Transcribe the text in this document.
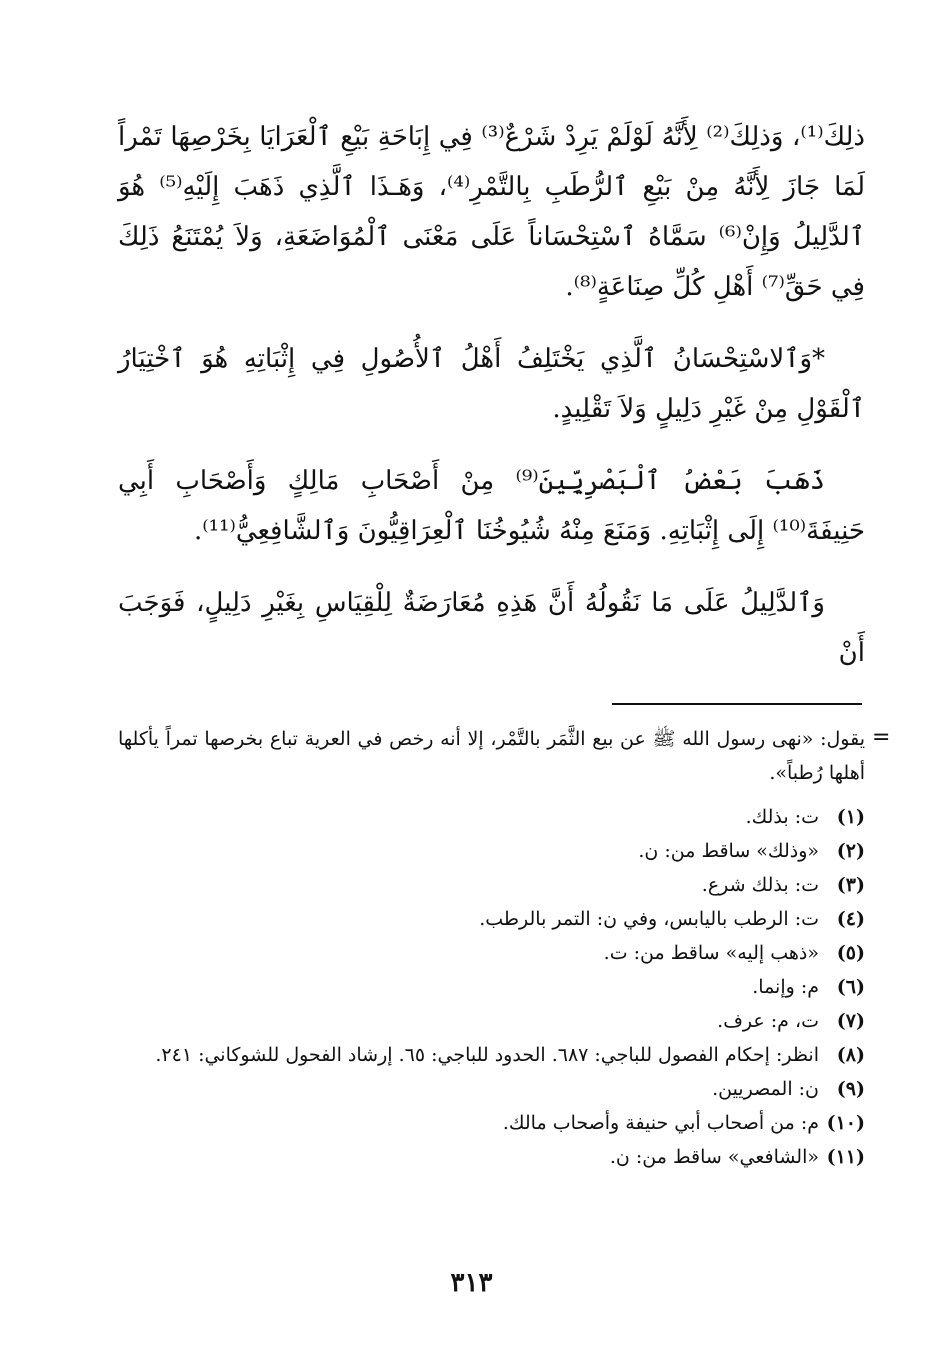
ذلِكَ⁽¹⁾، وَذلِكَ⁽²⁾ لِأَنَّهُ لَوْلَمْ يَرِدْ شَرْعٌ⁽³⁾ فِي إِبَاحَةِ بَيْعِ ٱلْعَرَايَا بِخَرْصِهَا تَمْراً لَمَا جَازَ لِأَنَّهُ مِنْ بَيْعِ ٱلرُّطَبِ بِالتَّمْرِ⁽⁴⁾، وَهَـذَا ٱلَّذِي ذَهَبَ إِلَيْهِ⁽⁵⁾ هُوَ ٱلدَّلِيلُ وَإِنْ⁽⁶⁾ سَمَّاهُ ٱسْتِحْسَاناً عَلَى مَعْنَى ٱلْمُوَاضَعَةِ، وَلاَ يُمْتَنَعُ ذَلِكَ فِي حَقِّ⁽⁷⁾ أَهْلِ كُلِّ صِنَاعَةٍ⁽⁸⁾.

*وَٱلاسْتِحْسَانُ ٱلَّذِي يَخْتَلِفُ أَهْلُ ٱلأُصُولِ فِي إِثْبَاتِهِ هُوَ ٱخْتِيَارُ ٱلْقَوْلِ مِنْ غَيْرِ دَلِيلٍ وَلاَ تَقْلِيدٍ.

ذَهَبَ بَعْضُ ٱلْبَصْرِيِّينَ⁽⁹⁾ مِنْ أَصْحَابِ مَالِكٍ وَأَصْحَابِ أَبِي حَنِيفَةَ⁽¹⁰⁾ إِلَى إِثْبَاتِهِ. وَمَنَعَ مِنْهُ شُيُوخُنَا ٱلْعِرَاقِيُّونَ وَٱلشَّافِعِيُّ⁽¹¹⁾.

وَٱلدَّلِيلُ عَلَى مَا نَقُولُهُ أَنَّ هَذِهِ مُعَارَضَةٌ لِلْقِيَاسِ بِغَيْرِ دَلِيلٍ، فَوَجَبَ أَنْ

=
يقول: «نهى رسول الله ﷺ عن بيع الثَّمَر بالتَّمْر، إلا أنه رخص في العرية تباع بخرصها تمراً يأكلها أهلها رُطباً».
(١)
ت: بذلك.
(٢)
«وذلك» ساقط من: ن.
(٣)
ت: بذلك شرع.
(٤)
ت: الرطب باليابس، وفي ن: التمر بالرطب.
(٥)
«ذهب إليه» ساقط من: ت.
(٦)
م: وإنما.
(٧)
ت، م: عرف.
(٨)
انظر: إحكام الفصول للباجي: ٦٨٧. الحدود للباجي: ٦٥. إرشاد الفحول للشوكاني: ٢٤١.
(٩)
ن: المصريين.
(١٠)
م: من أصحاب أبي حنيفة وأصحاب مالك.
(١١)
«الشافعي» ساقط من: ن.
٣١٣
